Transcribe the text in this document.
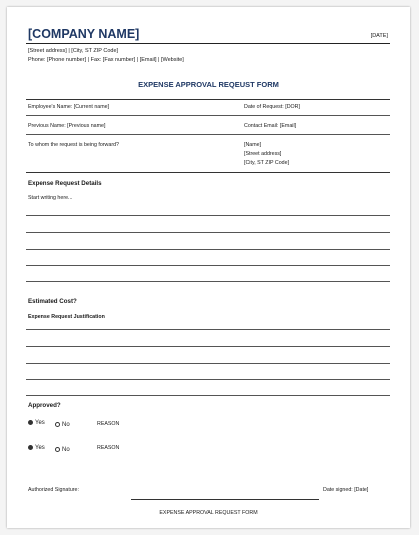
[COMPANY NAME]	[DATE]
[Street address] | [City, ST ZIP Code]
Phone: [Phone number] | Fax: [Fax number] | [Email] | [Website]
EXPENSE APPROVAL REQEUST FORM
Employee's Name: [Current name]	Date of Request: [DOR]
Previous Name: [Previous name]	Contact Email: [Email]
To whom the request is being forward?	[Name]
[Street address]
[City, ST ZIP Code]
Expense Request Details
Start writing here...
Estimated Cost?
Expense Request Justification
Approved?
Yes	No	REASON
Yes	No	REASON
Authorized Signature:	Date signed: [Date]
EXPENSE APPROVAL REQUEST FORM
